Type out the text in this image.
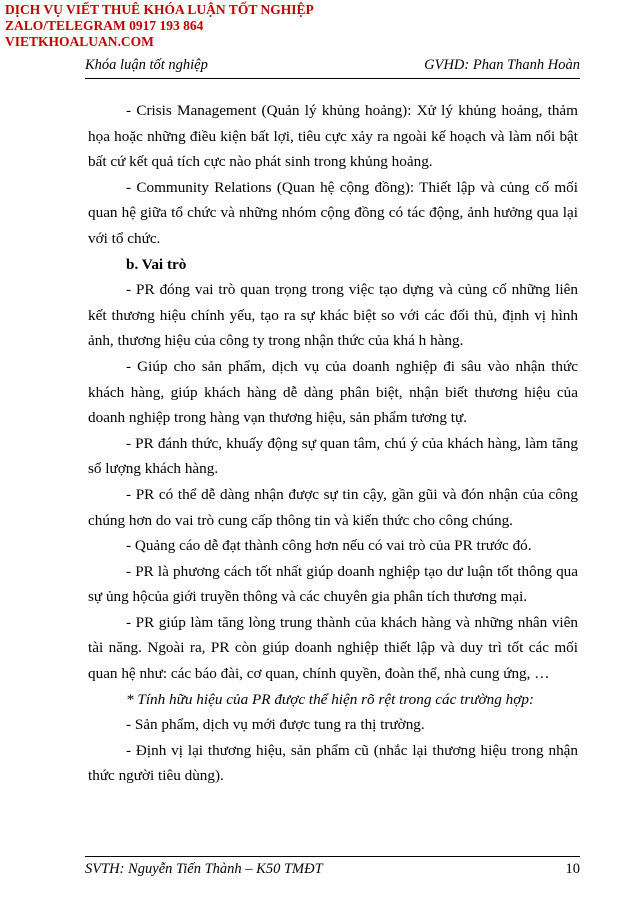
DỊCH VỤ VIẾT THUÊ KHÓA LUẬN TỐT NGHIỆP
ZALO/TELEGRAM 0917 193 864
VIETKHOALUAN.COM
Khóa luận tốt nghiệp	GVHD: Phan Thanh Hoàn

- Crisis Management (Quản lý khủng hoảng): Xử lý khủng hoảng, thảm họa hoặc những điều kiện bất lợi, tiêu cực xảy ra ngoài kế hoạch và làm nổi bật bất cứ kết quả tích cực nào phát sinh trong khủng hoảng.

- Community Relations (Quan hệ cộng đồng): Thiết lập và củng cố mối quan hệ giữa tổ chức và những nhóm cộng đồng có tác động, ảnh hưởng qua lại với tổ chức.

b. Vai trò

- PR đóng vai trò quan trọng trong việc tạo dựng và củng cố những liên kết thương hiệu chính yếu, tạo ra sự khác biệt so với các đối thủ, định vị hình ảnh, thương hiệu của công ty trong nhận thức của khá h hàng.

- Giúp cho sản phẩm, dịch vụ của doanh nghiệp đi sâu vào nhận thức khách hàng, giúp khách hàng dễ dàng phân biệt, nhận biết thương hiệu của doanh nghiệp trong hàng vạn thương hiệu, sản phẩm tương tự.

- PR đánh thức, khuấy động sự quan tâm, chú ý của khách hàng, làm tăng số lượng khách hàng.

- PR có thể dễ dàng nhận được sự tin cậy, gần gũi và đón nhận của công chúng hơn do vai trò cung cấp thông tin và kiến thức cho công chúng.

- Quảng cáo dễ đạt thành công hơn nếu có vai trò của PR trước đó.

- PR là phương cách tốt nhất giúp doanh nghiệp tạo dư luận tốt thông qua sự ủng hộcủa giới truyền thông và các chuyên gia phân tích thương mại.

- PR giúp làm tăng lòng trung thành của khách hàng và những nhân viên tài năng. Ngoài ra, PR còn giúp doanh nghiệp thiết lập và duy trì tốt các mối quan hệ như: các báo đài, cơ quan, chính quyền, đoàn thể, nhà cung ứng, …

* Tính hữu hiệu của PR được thể hiện rõ rệt trong các trường hợp:

- Sản phẩm, dịch vụ mới được tung ra thị trường.

- Định vị lại thương hiệu, sản phẩm cũ (nhắc lại thương hiệu trong nhận thức người tiêu dùng).

SVTH: Nguyễn Tiến Thành – K50 TMĐT	10
